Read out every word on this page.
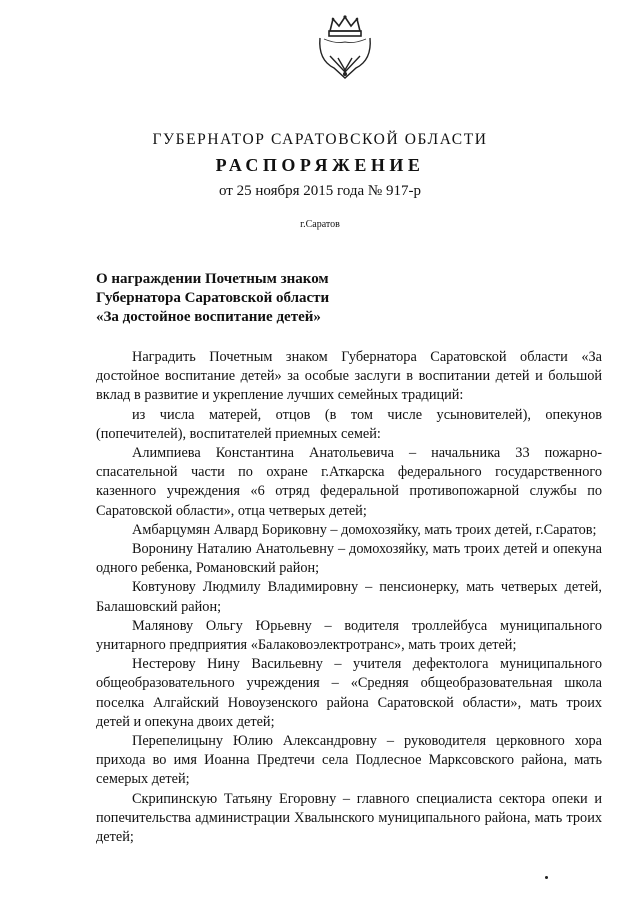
ГУБЕРНАТОР САРАТОВСКОЙ ОБЛАСТИ
РАСПОРЯЖЕНИЕ
от 25 ноября 2015 года № 917-р
г.Саратов
О награждении Почетным знаком
Губернатора Саратовской области
«За достойное воспитание детей»

Наградить Почетным знаком Губернатора Саратовской области «За достойное воспитание детей» за особые заслуги в воспитании детей и большой вклад в развитие и укрепление лучших семейных традиций:

из числа матерей, отцов (в том числе усыновителей), опекунов (попечителей), воспитателей приемных семей:

Алимпиева Константина Анатольевича – начальника 33 пожарно-спасательной части по охране г.Аткарска федерального государственного казенного учреждения «6 отряд федеральной противопожарной службы по Саратовской области», отца четверых детей;

Амбарцумян Алвард Бориковну – домохозяйку, мать троих детей, г.Саратов;

Воронину Наталию Анатольевну – домохозяйку, мать троих детей и опекуна одного ребенка, Романовский район;

Ковтунову Людмилу Владимировну – пенсионерку, мать четверых детей, Балашовский район;

Малянову Ольгу Юрьевну – водителя троллейбуса муниципального унитарного предприятия «Балаковоэлектротранс», мать троих детей;

Нестерову Нину Васильевну – учителя дефектолога муниципального общеобразовательного учреждения – «Средняя общеобразовательная школа поселка Алгайский Новоузенского района Саратовской области», мать троих детей и опекуна двоих детей;

Перепелицыну Юлию Александровну – руководителя церковного хора прихода во имя Иоанна Предтечи села Подлесное Марксовского района, мать семерых детей;

Скрипинскую Татьяну Егоровну – главного специалиста сектора опеки и попечительства администрации Хвалынского муниципального района, мать троих детей;
